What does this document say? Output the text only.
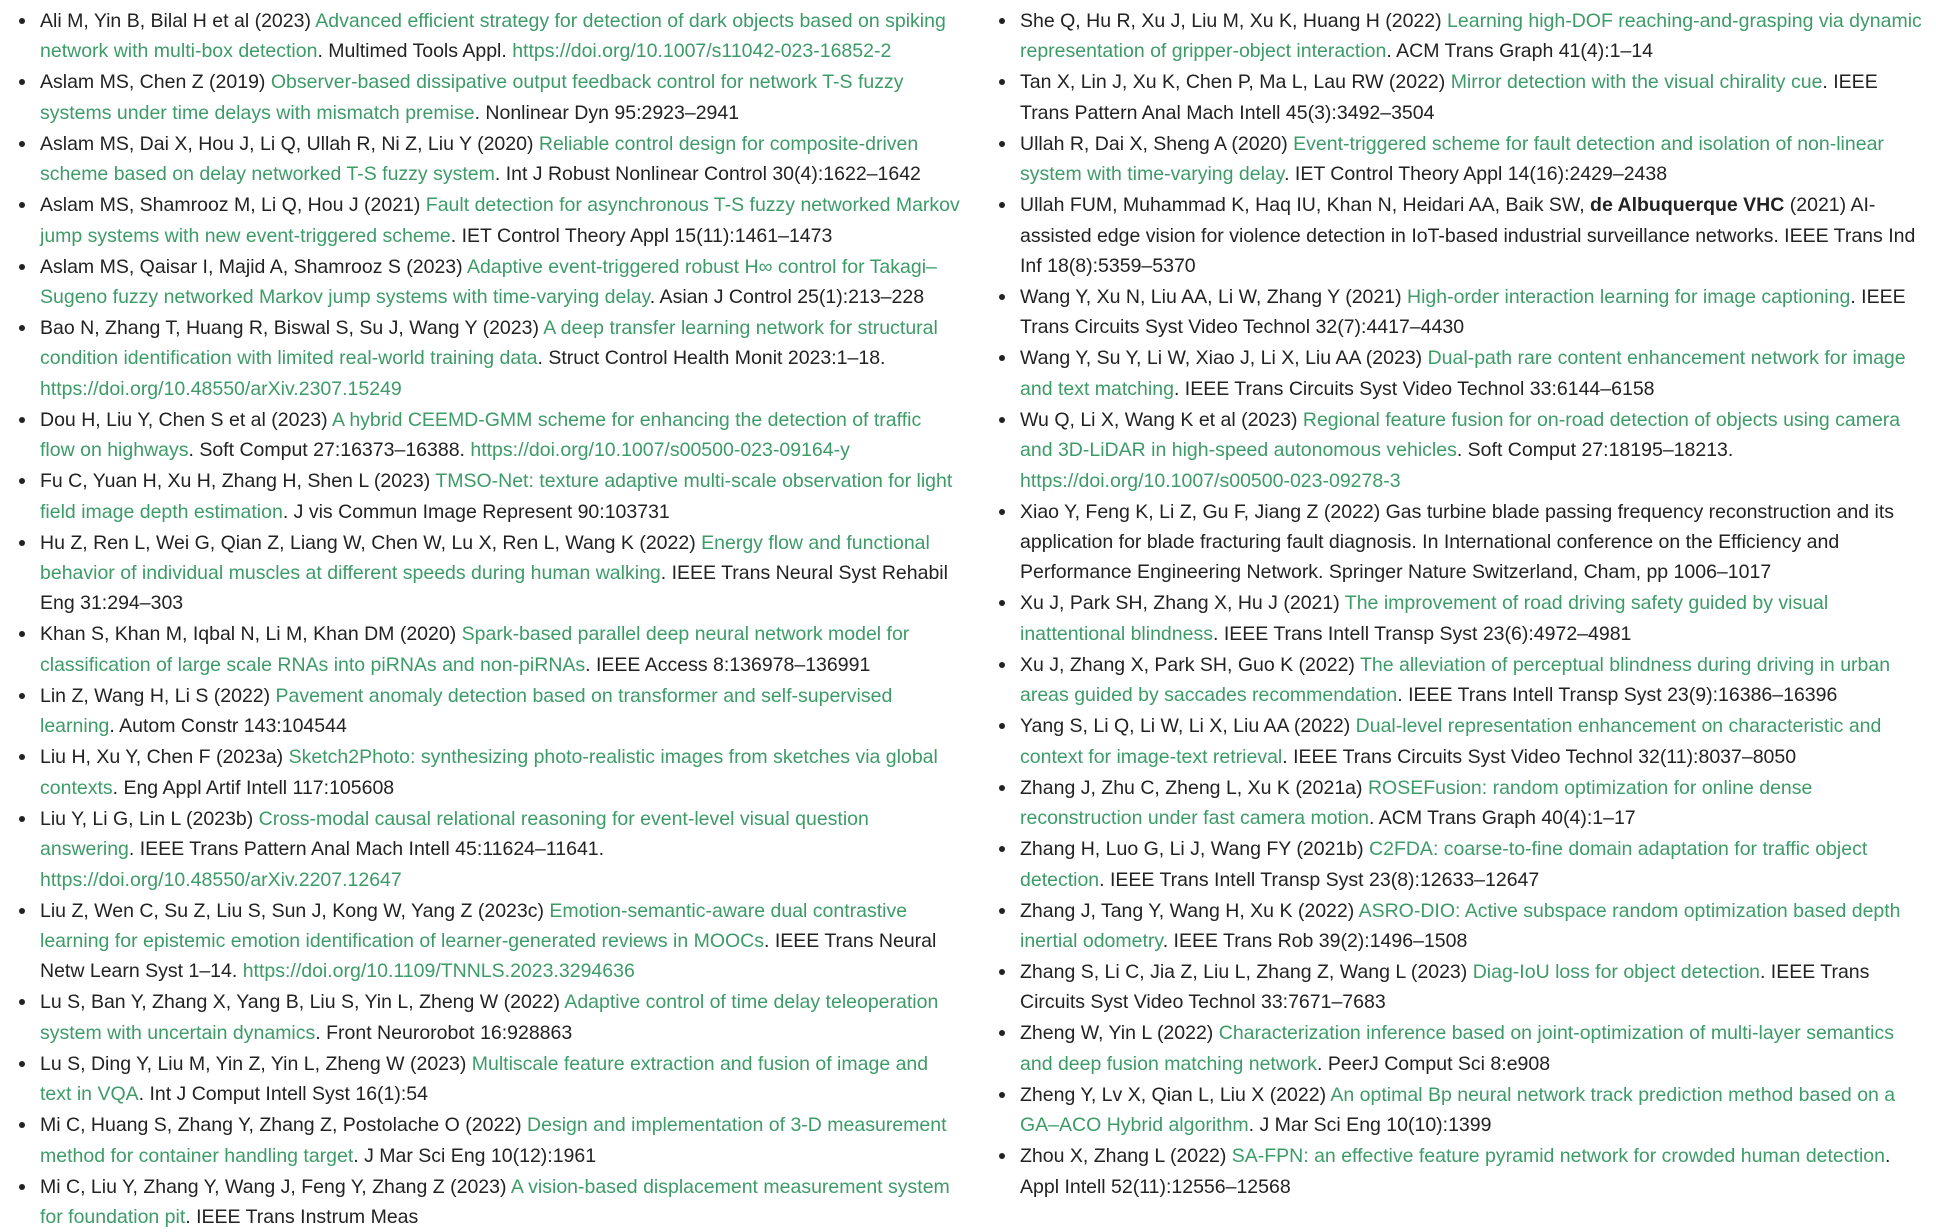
Ali M, Yin B, Bilal H et al (2023) Advanced efficient strategy for detection of dark objects based on spiking network with multi-box detection. Multimed Tools Appl. https://doi.org/10.1007/s11042-023-16852-2
Aslam MS, Chen Z (2019) Observer-based dissipative output feedback control for network T-S fuzzy systems under time delays with mismatch premise. Nonlinear Dyn 95:2923–2941
Aslam MS, Dai X, Hou J, Li Q, Ullah R, Ni Z, Liu Y (2020) Reliable control design for composite-driven scheme based on delay networked T-S fuzzy system. Int J Robust Nonlinear Control 30(4):1622–1642
Aslam MS, Shamrooz M, Li Q, Hou J (2021) Fault detection for asynchronous T-S fuzzy networked Markov jump systems with new event-triggered scheme. IET Control Theory Appl 15(11):1461–1473
Aslam MS, Qaisar I, Majid A, Shamrooz S (2023) Adaptive event-triggered robust H∞ control for Takagi–Sugeno fuzzy networked Markov jump systems with time-varying delay. Asian J Control 25(1):213–228
Bao N, Zhang T, Huang R, Biswal S, Su J, Wang Y (2023) A deep transfer learning network for structural condition identification with limited real-world training data. Struct Control Health Monit 2023:1–18. https://doi.org/10.48550/arXiv.2307.15249
Dou H, Liu Y, Chen S et al (2023) A hybrid CEEMD-GMM scheme for enhancing the detection of traffic flow on highways. Soft Comput 27:16373–16388. https://doi.org/10.1007/s00500-023-09164-y
Fu C, Yuan H, Xu H, Zhang H, Shen L (2023) TMSO-Net: texture adaptive multi-scale observation for light field image depth estimation. J vis Commun Image Represent 90:103731
Hu Z, Ren L, Wei G, Qian Z, Liang W, Chen W, Lu X, Ren L, Wang K (2022) Energy flow and functional behavior of individual muscles at different speeds during human walking. IEEE Trans Neural Syst Rehabil Eng 31:294–303
Khan S, Khan M, Iqbal N, Li M, Khan DM (2020) Spark-based parallel deep neural network model for classification of large scale RNAs into piRNAs and non-piRNAs. IEEE Access 8:136978–136991
Lin Z, Wang H, Li S (2022) Pavement anomaly detection based on transformer and self-supervised learning. Autom Constr 143:104544
Liu H, Xu Y, Chen F (2023a) Sketch2Photo: synthesizing photo-realistic images from sketches via global contexts. Eng Appl Artif Intell 117:105608
Liu Y, Li G, Lin L (2023b) Cross-modal causal relational reasoning for event-level visual question answering. IEEE Trans Pattern Anal Mach Intell 45:11624–11641. https://doi.org/10.48550/arXiv.2207.12647
Liu Z, Wen C, Su Z, Liu S, Sun J, Kong W, Yang Z (2023c) Emotion-semantic-aware dual contrastive learning for epistemic emotion identification of learner-generated reviews in MOOCs. IEEE Trans Neural Netw Learn Syst 1–14. https://doi.org/10.1109/TNNLS.2023.3294636
Lu S, Ban Y, Zhang X, Yang B, Liu S, Yin L, Zheng W (2022) Adaptive control of time delay teleoperation system with uncertain dynamics. Front Neurorobot 16:928863
Lu S, Ding Y, Liu M, Yin Z, Yin L, Zheng W (2023) Multiscale feature extraction and fusion of image and text in VQA. Int J Comput Intell Syst 16(1):54
Mi C, Huang S, Zhang Y, Zhang Z, Postolache O (2022) Design and implementation of 3-D measurement method for container handling target. J Mar Sci Eng 10(12):1961
Mi C, Liu Y, Zhang Y, Wang J, Feng Y, Zhang Z (2023) A vision-based displacement measurement system for foundation pit. IEEE Trans Instrum Meas
She Q, Hu R, Xu J, Liu M, Xu K, Huang H (2022) Learning high-DOF reaching-and-grasping via dynamic representation of gripper-object interaction. ACM Trans Graph 41(4):1–14
Tan X, Lin J, Xu K, Chen P, Ma L, Lau RW (2022) Mirror detection with the visual chirality cue. IEEE Trans Pattern Anal Mach Intell 45(3):3492–3504
Ullah R, Dai X, Sheng A (2020) Event-triggered scheme for fault detection and isolation of non-linear system with time-varying delay. IET Control Theory Appl 14(16):2429–2438
Ullah FUM, Muhammad K, Haq IU, Khan N, Heidari AA, Baik SW, de Albuquerque VHC (2021) AI-assisted edge vision for violence detection in IoT-based industrial surveillance networks. IEEE Trans Ind Inf 18(8):5359–5370
Wang Y, Xu N, Liu AA, Li W, Zhang Y (2021) High-order interaction learning for image captioning. IEEE Trans Circuits Syst Video Technol 32(7):4417–4430
Wang Y, Su Y, Li W, Xiao J, Li X, Liu AA (2023) Dual-path rare content enhancement network for image and text matching. IEEE Trans Circuits Syst Video Technol 33:6144–6158
Wu Q, Li X, Wang K et al (2023) Regional feature fusion for on-road detection of objects using camera and 3D-LiDAR in high-speed autonomous vehicles. Soft Comput 27:18195–18213. https://doi.org/10.1007/s00500-023-09278-3
Xiao Y, Feng K, Li Z, Gu F, Jiang Z (2022) Gas turbine blade passing frequency reconstruction and its application for blade fracturing fault diagnosis. In International conference on the Efficiency and Performance Engineering Network. Springer Nature Switzerland, Cham, pp 1006–1017
Xu J, Park SH, Zhang X, Hu J (2021) The improvement of road driving safety guided by visual inattentional blindness. IEEE Trans Intell Transp Syst 23(6):4972–4981
Xu J, Zhang X, Park SH, Guo K (2022) The alleviation of perceptual blindness during driving in urban areas guided by saccades recommendation. IEEE Trans Intell Transp Syst 23(9):16386–16396
Yang S, Li Q, Li W, Li X, Liu AA (2022) Dual-level representation enhancement on characteristic and context for image-text retrieval. IEEE Trans Circuits Syst Video Technol 32(11):8037–8050
Zhang J, Zhu C, Zheng L, Xu K (2021a) ROSEFusion: random optimization for online dense reconstruction under fast camera motion. ACM Trans Graph 40(4):1–17
Zhang H, Luo G, Li J, Wang FY (2021b) C2FDA: coarse-to-fine domain adaptation for traffic object detection. IEEE Trans Intell Transp Syst 23(8):12633–12647
Zhang J, Tang Y, Wang H, Xu K (2022) ASRO-DIO: Active subspace random optimization based depth inertial odometry. IEEE Trans Rob 39(2):1496–1508
Zhang S, Li C, Jia Z, Liu L, Zhang Z, Wang L (2023) Diag-IoU loss for object detection. IEEE Trans Circuits Syst Video Technol 33:7671–7683
Zheng W, Yin L (2022) Characterization inference based on joint-optimization of multi-layer semantics and deep fusion matching network. PeerJ Comput Sci 8:e908
Zheng Y, Lv X, Qian L, Liu X (2022) An optimal Bp neural network track prediction method based on a GA–ACO Hybrid algorithm. J Mar Sci Eng 10(10):1399
Zhou X, Zhang L (2022) SA-FPN: an effective feature pyramid network for crowded human detection. Appl Intell 52(11):12556–12568
